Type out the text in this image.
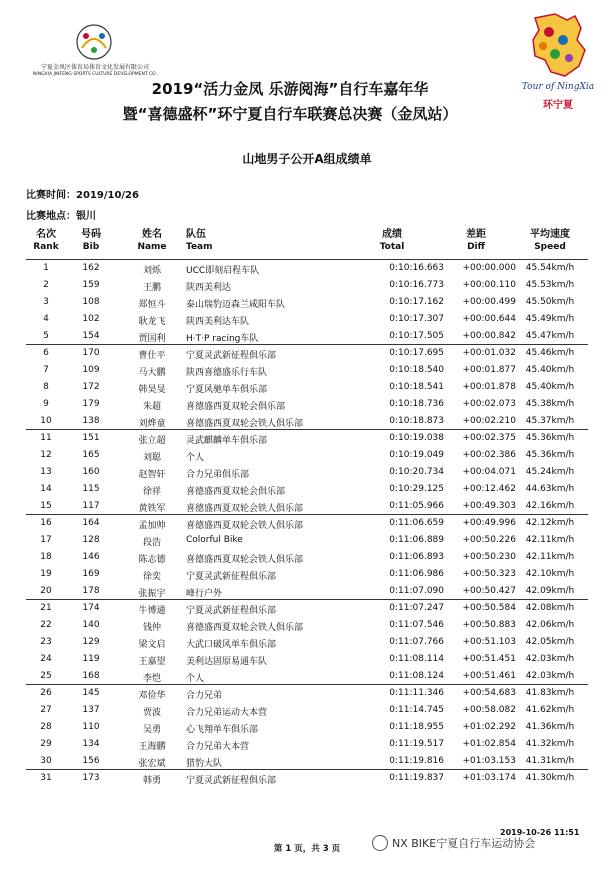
宁夏金凤区体育局体育文化发展有限公司
NINGXIA JINFENG SPORTS CULTURE DEVELOPMENT CO.
Tour of NingXia
环宁夏
2019“活力金凤 乐游阅海”自行车嘉年华
暨“喜德盛杯”环宁夏自行车联赛总决赛（金凤站）
山地男子公开A组成绩单
比赛时间：2019/10/26
比赛地点：银川
名次
Rank
号码
Bib
姓名
Name
队伍
Team
成绩
Total
差距
Diff
平均速度
Speed
1	162	刘烁	UCC即刻启程车队	0:10:16.663	+00:00.000	45.54km/h
2	159	王鹏	陕西美利达	0:10:16.773	+00:00.110	45.53km/h
3	108	郑恒斗	泰山瑞豹迈森兰咸阳车队	0:10:17.162	+00:00.499	45.50km/h
4	102	耿龙飞	陕西美利达车队	0:10:17.307	+00:00.644	45.49km/h
5	154	贾国利	H·T·P racing车队	0:10:17.505	+00:00.842	45.47km/h
6	170	曹仕平	宁夏灵武新征程俱乐部	0:10:17.695	+00:01.032	45.46km/h
7	109	马大鹏	陕西喜德盛乐行车队	0:10:18.540	+00:01.877	45.40km/h
8	172	韩昊旻	宁夏风驰单车俱乐部	0:10:18.541	+00:01.878	45.40km/h
9	179	朱超	喜德盛西夏双轮会俱乐部	0:10:18.736	+00:02.073	45.38km/h
10	138	刘烨童	喜德盛西夏双轮会铁人俱乐部	0:10:18.873	+00:02.210	45.37km/h
11	151	张立超	灵武麒麟单车俱乐部	0:10:19.038	+00:02.375	45.36km/h
12	165	刘聪	个人	0:10:19.049	+00:02.386	45.36km/h
13	160	赵智轩	合力兄弟俱乐部	0:10:20.734	+00:04.071	45.24km/h
14	115	徐祥	喜德盛西夏双轮会俱乐部	0:10:29.125	+00:12.462	44.63km/h
15	117	黄铁军	喜德盛西夏双轮会铁人俱乐部	0:11:05.966	+00:49.303	42.16km/h
16	164	孟加帅	喜德盛西夏双轮会铁人俱乐部	0:11:06.659	+00:49.996	42.12km/h
17	128	段浩	Colorful Bike	0:11:06.889	+00:50.226	42.11km/h
18	146	陈志德	喜德盛西夏双轮会铁人俱乐部	0:11:06.893	+00:50.230	42.11km/h
19	169	徐奕	宁夏灵武新征程俱乐部	0:11:06.986	+00:50.323	42.10km/h
20	178	张振宇	峰行户外	0:11:07.090	+00:50.427	42.09km/h
21	174	牛博通	宁夏灵武新征程俱乐部	0:11:07.247	+00:50.584	42.08km/h
22	140	钱仲	喜德盛西夏双轮会铁人俱乐部	0:11:07.546	+00:50.883	42.06km/h
23	129	梁文启	大武口破风单车俱乐部	0:11:07.766	+00:51.103	42.05km/h
24	119	王嘉望	美利达固原易通车队	0:11:08.114	+00:51.451	42.03km/h
25	168	李恺	个人	0:11:08.124	+00:51.461	42.03km/h
26	145	邓俭华	合力兄弟	0:11:11.346	+00:54.683	41.83km/h
27	137	贾波	合力兄弟运动大本营	0:11:14.745	+00:58.082	41.62km/h
28	110	吴勇	心飞翔单车俱乐部	0:11:18.955	+01:02.292	41.36km/h
29	134	王海鹏	合力兄弟大本营	0:11:19.517	+01:02.854	41.32km/h
30	156	张宏斌	猎豹大队	0:11:19.816	+01:03.153	41.31km/h
31	173	韩勇	宁夏灵武新征程俱乐部	0:11:19.837	+01:03.174	41.30km/h
2019-10-26 11:51
NX BIKE宁夏自行车运动协会
第 1 页，共 3 页
